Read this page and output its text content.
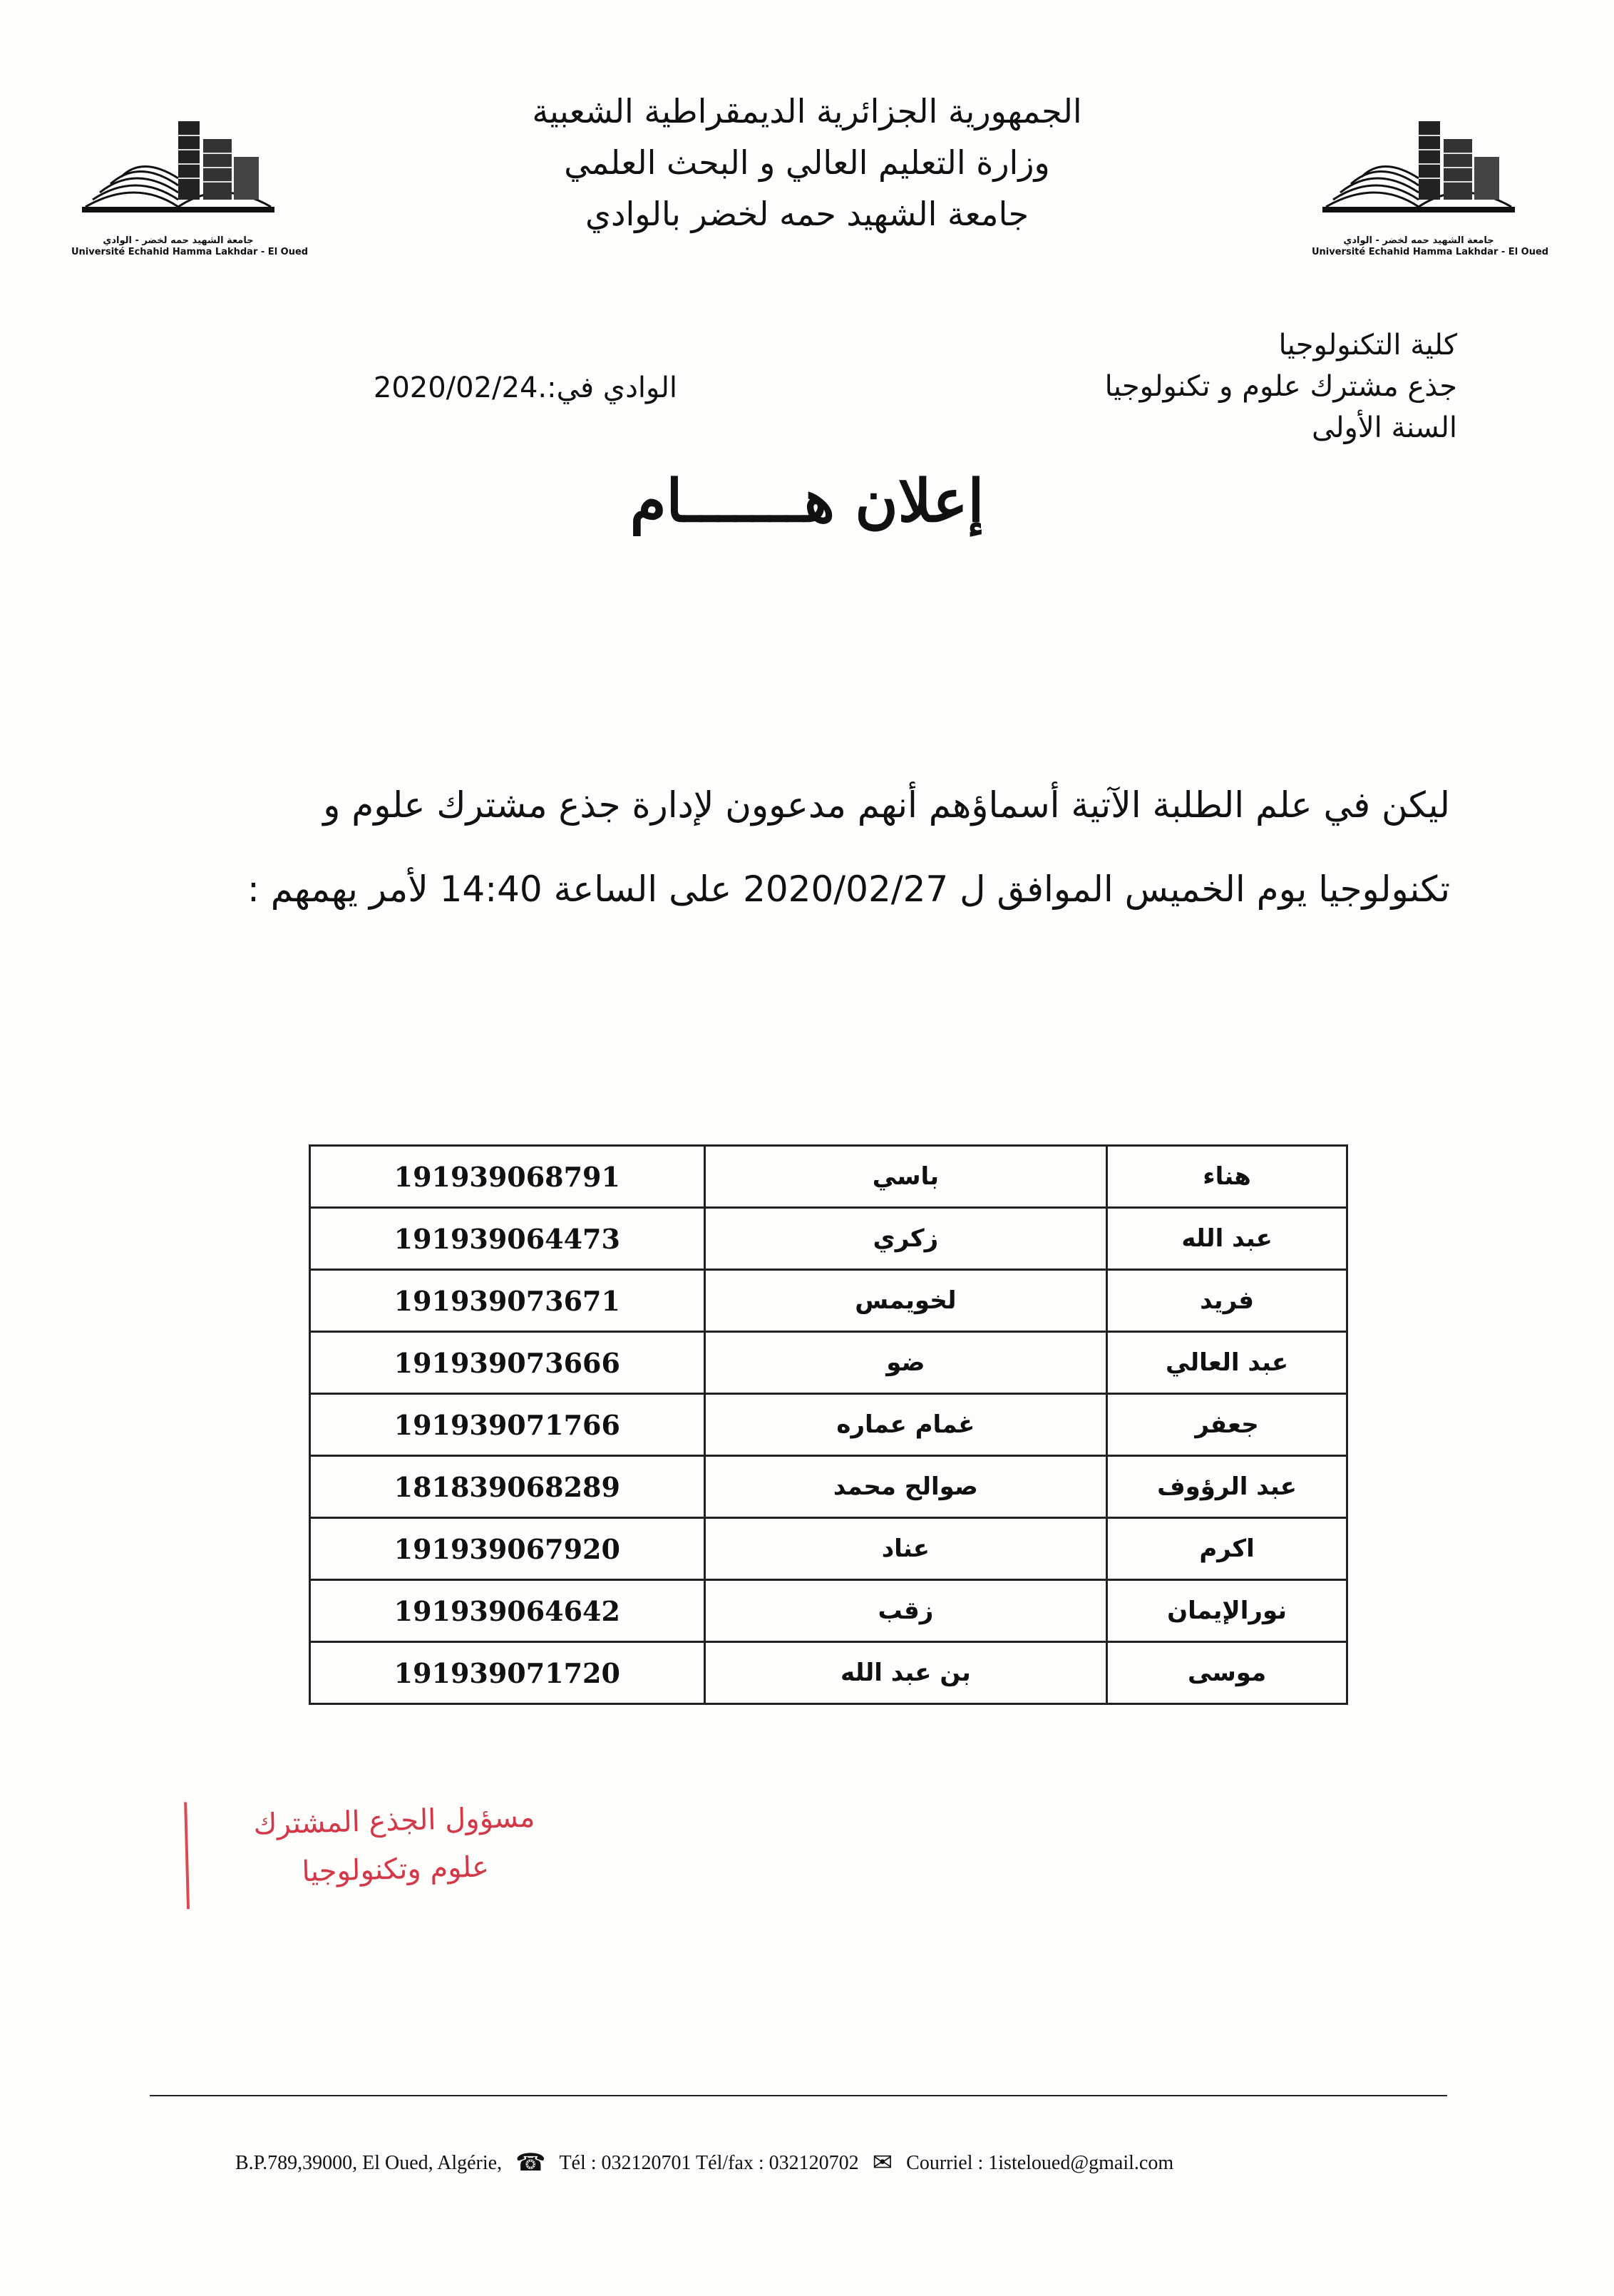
جامعة الشهيد حمه لخضر - الوادي
Université Echahid Hamma Lakhdar - El Oued
جامعة الشهيد حمه لخضر - الوادي
Université Echahid Hamma Lakhdar - El Oued
الجمهورية الجزائرية الديمقراطية الشعبية
وزارة التعليم العالي و البحث العلمي
جامعة الشهيد حمه لخضر بالوادي
كلية التكنولوجيا
جذع مشترك علوم و تكنولوجيا
السنة الأولى
الوادي في:.2020/02/24
إعلان هـــــــام
ليكن في علم الطلبة الآتية أسماؤهم أنهم مدعوون لإدارة جذع مشترك علوم و تكنولوجيا يوم الخميس الموافق ل 2020/02/27 على الساعة 14:40 لأمر يهمهم :
هناء	باسي	191939068791
عبد الله	زكري	191939064473
فريد	لخويمس	191939073671
عبد العالي	ضو	191939073666
جعفر	غمام عماره	191939071766
عبد الرؤوف	صوالح محمد	181839068289
اكرم	عناد	191939067920
نورالإيمان	زقب	191939064642
موسى	بن عبد الله	191939071720
مسؤول الجذع المشترك
علوم وتكنولوجيا
B.P.789,39000, El Oued, Algérie, ☎ Tél : 032120701 Tél/fax : 032120702 ✉ Courriel : 1isteloued@gmail.com
